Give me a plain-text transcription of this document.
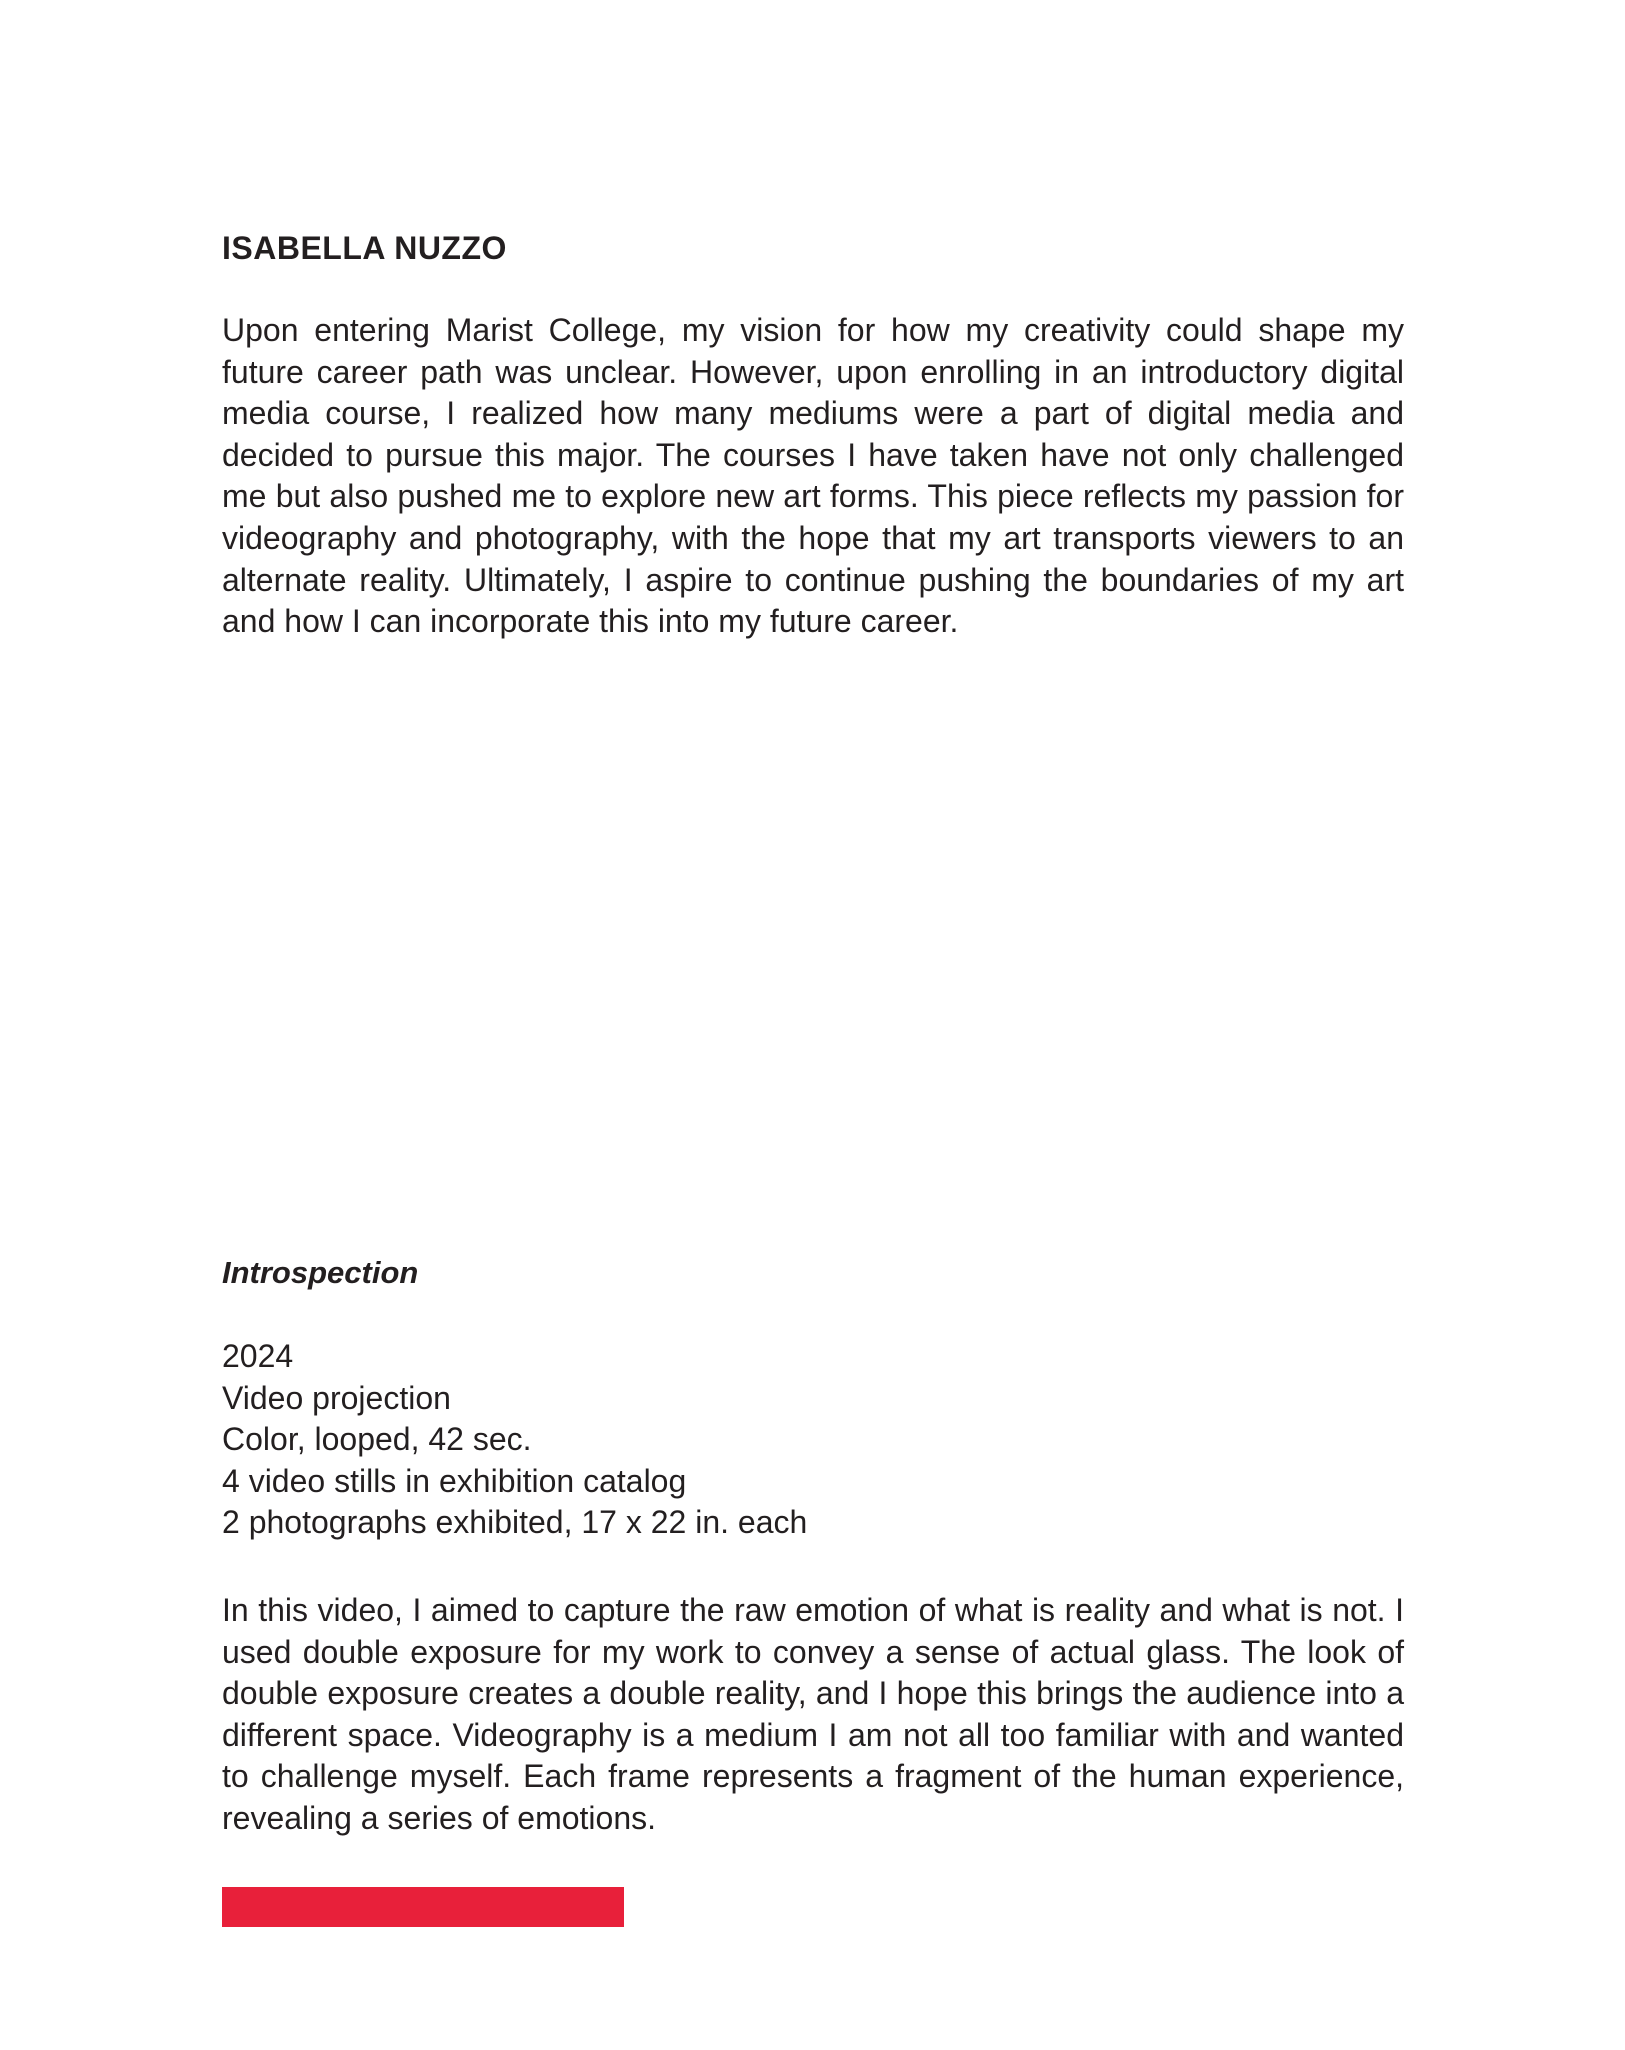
ISABELLA NUZZO

Upon entering Marist College, my vision for how my creativity could shape my future career path was unclear. However, upon enrolling in an introductory digital media course, I realized how many mediums were a part of digital media and decided to pursue this major. The courses I have taken have not only challenged me but also pushed me to explore new art forms. This piece reflects my passion for videography and photography, with the hope that my art transports viewers to an alternate reality. Ultimately, I aspire to continue pushing the boundaries of my art and how I can incorporate this into my future career.

Introspection
2024
Video projection
Color, looped, 42 sec.
4 video stills in exhibition catalog
2 photographs exhibited, 17 x 22 in. each

In this video, I aimed to capture the raw emotion of what is reality and what is not. I used double exposure for my work to convey a sense of actual glass. The look of double exposure creates a double reality, and I hope this brings the audience into a different space. Videography is a medium I am not all too familiar with and wanted to challenge myself. Each frame represents a fragment of the human experience, revealing a series of emotions.
